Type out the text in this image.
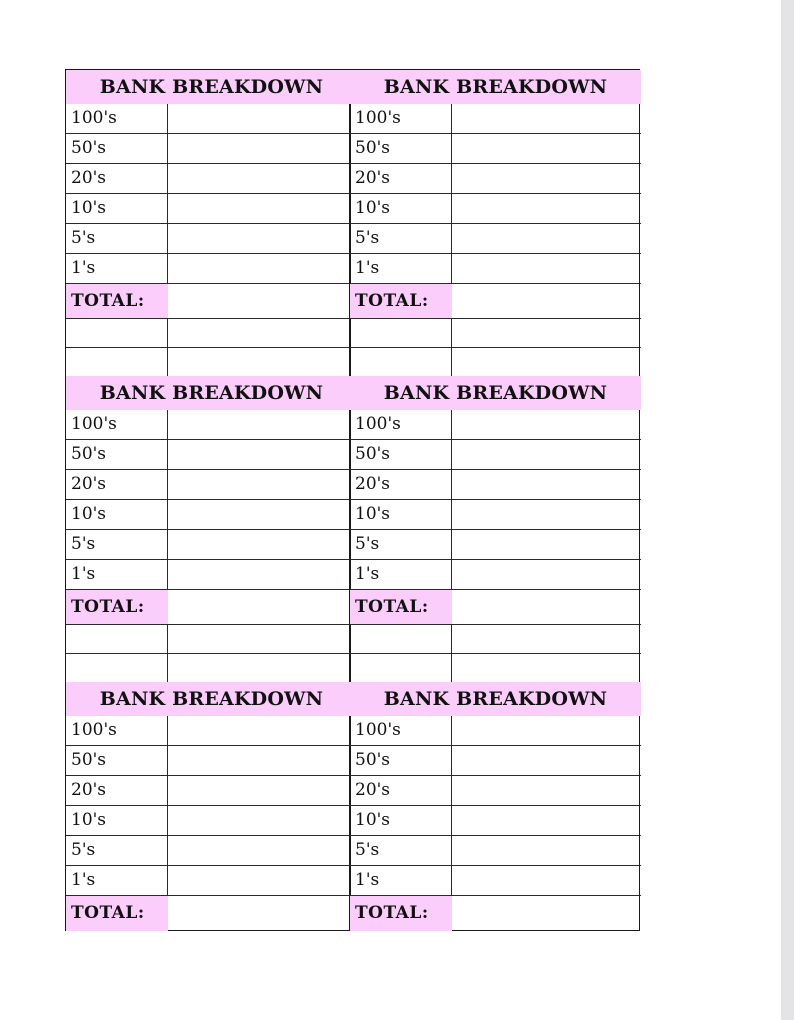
BANK BREAKDOWN
100's
50's
20's
10's
5's
1's
TOTAL:
BANK BREAKDOWN
100's
50's
20's
10's
5's
1's
TOTAL:
BANK BREAKDOWN
100's
50's
20's
10's
5's
1's
TOTAL:
BANK BREAKDOWN
100's
50's
20's
10's
5's
1's
TOTAL:
BANK BREAKDOWN
100's
50's
20's
10's
5's
1's
TOTAL:
BANK BREAKDOWN
100's
50's
20's
10's
5's
1's
TOTAL:
